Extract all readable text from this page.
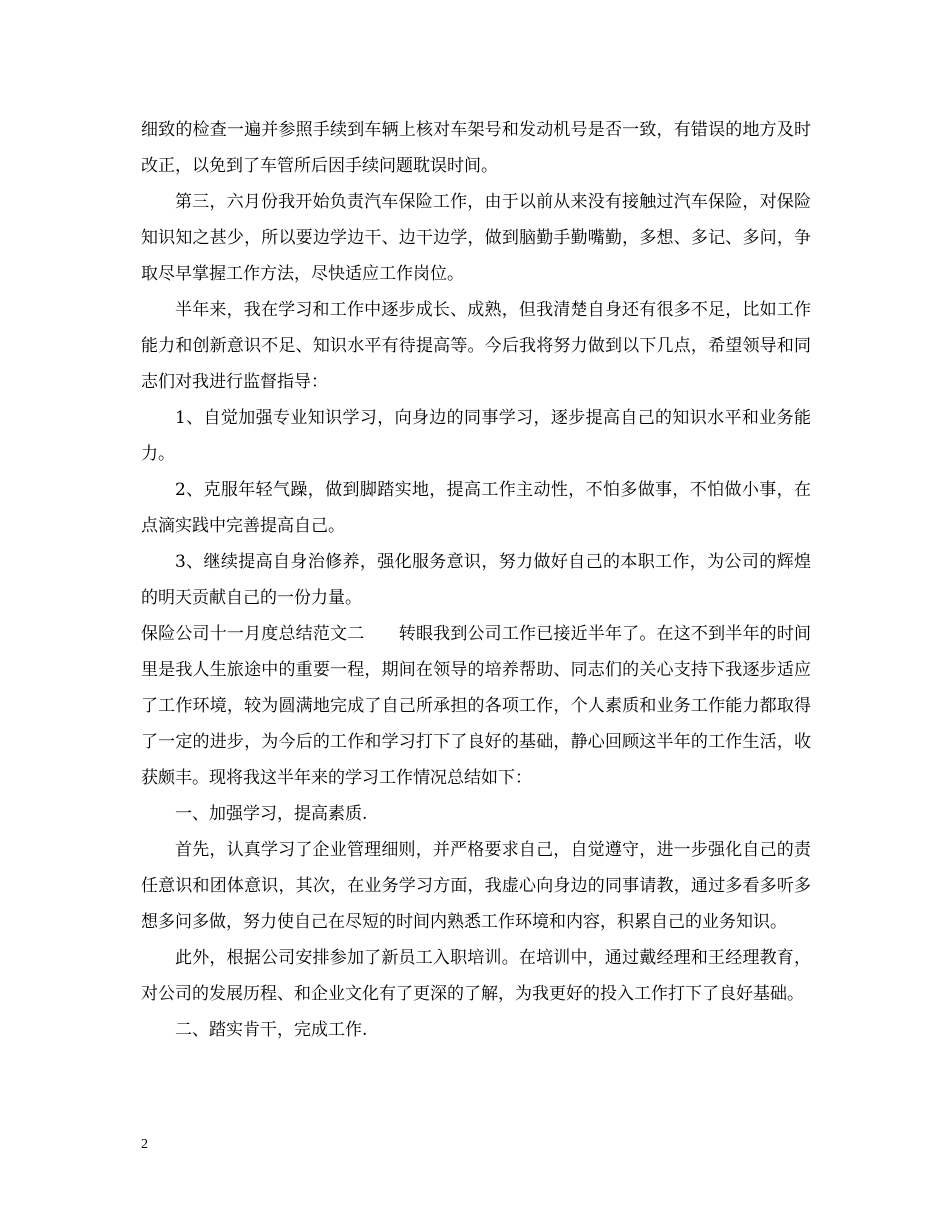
细致的检查一遍并参照手续到车辆上核对车架号和发动机号是否一致，有错误的地方及时改正，以免到了车管所后因手续问题耽误时间。

第三，六月份我开始负责汽车保险工作，由于以前从来没有接触过汽车保险，对保险知识知之甚少，所以要边学边干、边干边学，做到脑勤手勤嘴勤，多想、多记、多问，争取尽早掌握工作方法，尽快适应工作岗位。

半年来，我在学习和工作中逐步成长、成熟，但我清楚自身还有很多不足，比如工作能力和创新意识不足、知识水平有待提高等。今后我将努力做到以下几点，希望领导和同志们对我进行监督指导：

1、自觉加强专业知识学习，向身边的同事学习，逐步提高自己的知识水平和业务能力。

2、克服年轻气躁，做到脚踏实地，提高工作主动性，不怕多做事，不怕做小事，在点滴实践中完善提高自己。

3、继续提高自身治修养，强化服务意识，努力做好自己的本职工作，为公司的辉煌的明天贡献自己的一份力量。

保险公司十一月度总结范文二　　转眼我到公司工作已接近半年了。在这不到半年的时间里是我人生旅途中的重要一程，期间在领导的培养帮助、同志们的关心支持下我逐步适应了工作环境，较为圆满地完成了自己所承担的各项工作，个人素质和业务工作能力都取得了一定的进步，为今后的工作和学习打下了良好的基础，静心回顾这半年的工作生活，收获颇丰。现将我这半年来的学习工作情况总结如下：

一、加强学习，提高素质.

首先，认真学习了企业管理细则，并严格要求自己，自觉遵守，进一步强化自己的责任意识和团体意识，其次，在业务学习方面，我虚心向身边的同事请教，通过多看多听多想多问多做，努力使自己在尽短的时间内熟悉工作环境和内容，积累自己的业务知识。

此外，根据公司安排参加了新员工入职培训。在培训中，通过戴经理和王经理教育，对公司的发展历程、和企业文化有了更深的了解，为我更好的投入工作打下了良好基础。

二、踏实肯干，完成工作.

2
